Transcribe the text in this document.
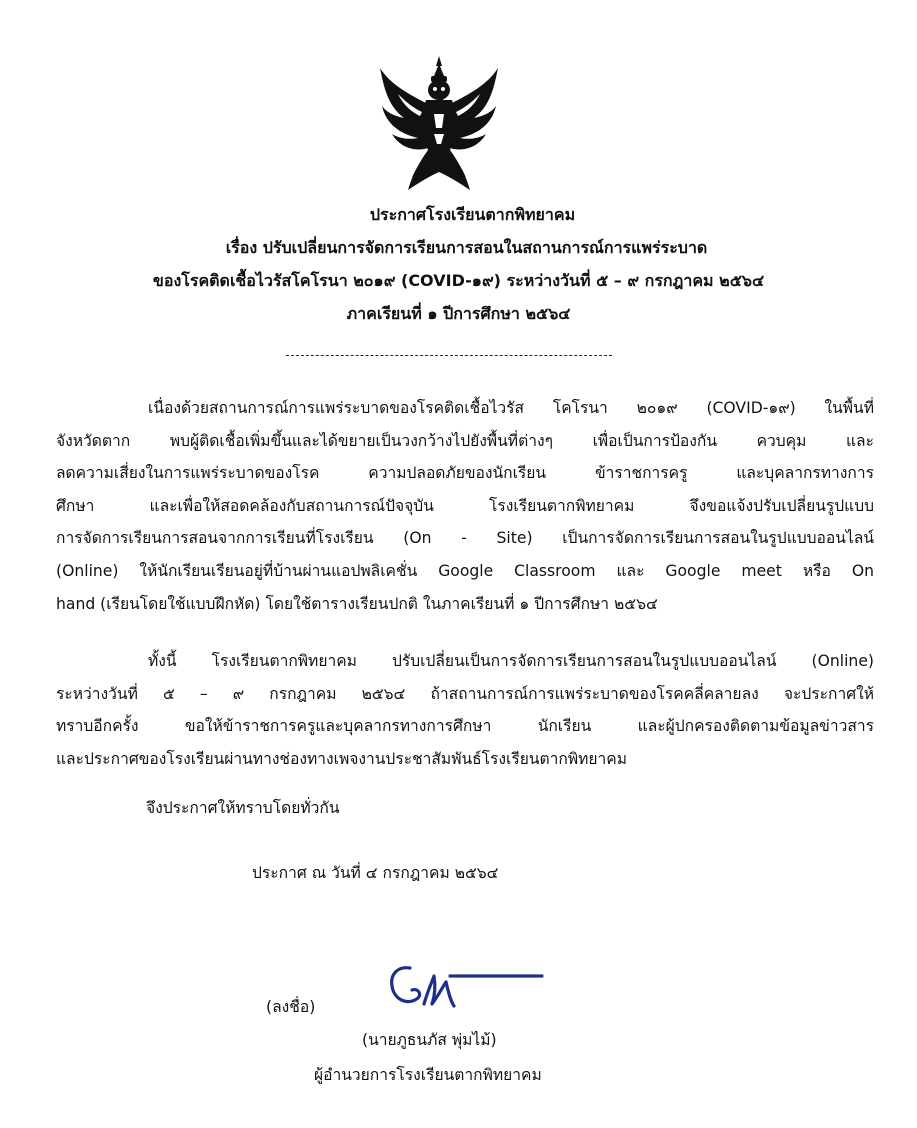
ประกาศโรงเรียนตากพิทยาคม
เรื่อง ปรับเปลี่ยนการจัดการเรียนการสอนในสถานการณ์การแพร่ระบาด
ของโรคติดเชื้อไวรัสโคโรนา ๒๐๑๙ (COVID-๑๙) ระหว่างวันที่ ๕ – ๙ กรกฎาคม ๒๕๖๔
ภาคเรียนที่ ๑ ปีการศึกษา ๒๕๖๔
เนื่องด้วยสถานการณ์การแพร่ระบาดของโรคติดเชื้อไวรัส โคโรนา ๒๐๑๙ (COVID-๑๙) ในพื้นที่
จังหวัดตาก พบผู้ติดเชื้อเพิ่มขึ้นและได้ขยายเป็นวงกว้างไปยังพื้นที่ต่างๆ เพื่อเป็นการป้องกัน ควบคุม และ
ลดความเสี่ยงในการแพร่ระบาดของโรค ความปลอดภัยของนักเรียน ข้าราชการครู และบุคลากรทางการ
ศึกษา และเพื่อให้สอดคล้องกับสถานการณ์ปัจจุบัน โรงเรียนตากพิทยาคม จึงขอแจ้งปรับเปลี่ยนรูปแบบ
การจัดการเรียนการสอนจากการเรียนที่โรงเรียน (On - Site) เป็นการจัดการเรียนการสอนในรูปแบบออนไลน์
(Online) ให้นักเรียนเรียนอยู่ที่บ้านผ่านแอปพลิเคชั่น Google Classroom และ Google meet หรือ On
hand (เรียนโดยใช้แบบฝึกหัด) โดยใช้ตารางเรียนปกติ ในภาคเรียนที่ ๑ ปีการศึกษา ๒๕๖๔
ทั้งนี้ โรงเรียนตากพิทยาคม ปรับเปลี่ยนเป็นการจัดการเรียนการสอนในรูปแบบออนไลน์ (Online)
ระหว่างวันที่ ๕ – ๙ กรกฎาคม ๒๕๖๔ ถ้าสถานการณ์การแพร่ระบาดของโรคคลี่คลายลง จะประกาศให้
ทราบอีกครั้ง ขอให้ข้าราชการครูและบุคลากรทางการศึกษา นักเรียน และผู้ปกครองติดตามข้อมูลข่าวสาร
และประกาศของโรงเรียนผ่านทางช่องทางเพจงานประชาสัมพันธ์โรงเรียนตากพิทยาคม
จึงประกาศให้ทราบโดยทั่วกัน
ประกาศ ณ วันที่ ๔ กรกฎาคม ๒๕๖๔
(ลงชื่อ)
(นายภูธนภัส พุ่มไม้)
ผู้อำนวยการโรงเรียนตากพิทยาคม
